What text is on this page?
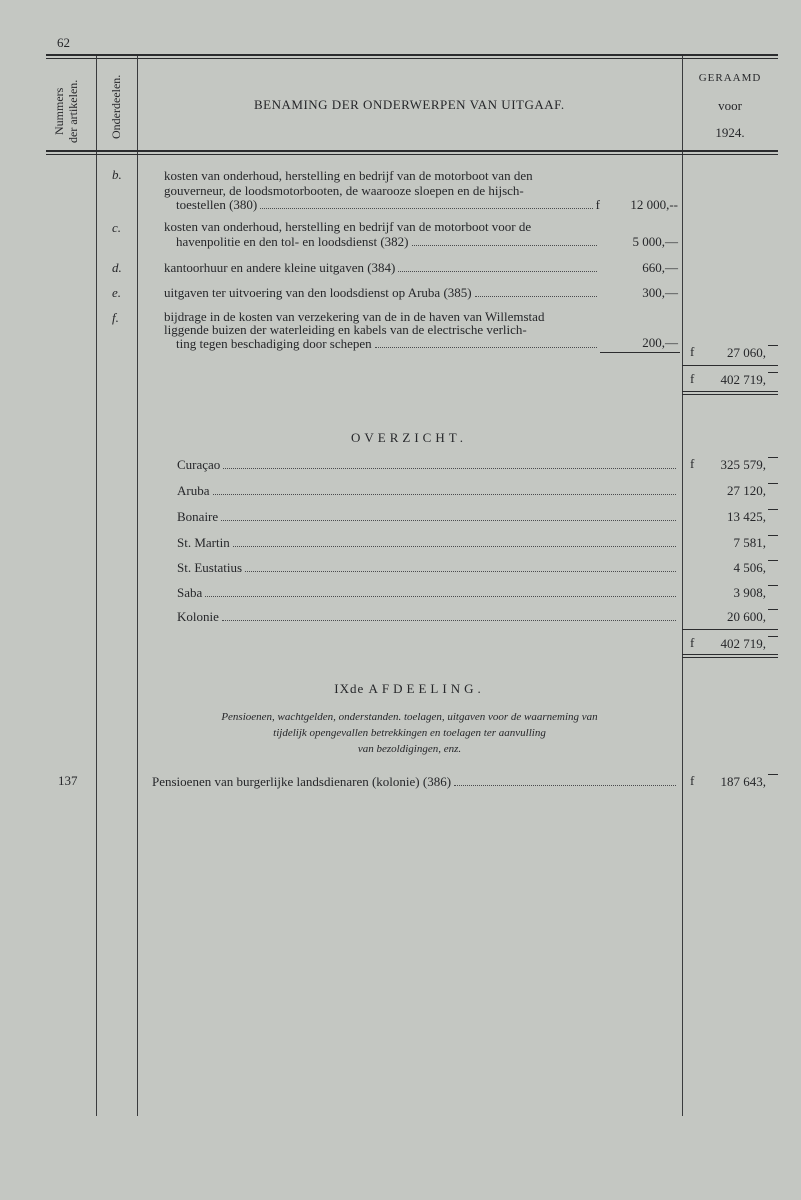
62
Nummers
der artikelen. Onderdeelen.	BENAMING DER ONDERWERPEN VAN UITGAAF.
GERAAMD
voor
1924.
b.	kosten van onderhoud, herstelling en bedrijf van de motorboot van den
gouverneur, de loodsmotorbooten, de waarooze sloepen en de hijsch-
toestellen (380)	f	12 000,--
c.	kosten van onderhoud, herstelling en bedrijf van de motorboot voor de
havenpolitie en den tol- en loodsdienst (382)	5 000,—
d.	kantoorhuur en andere kleine uitgaven (384)	660,—
e.	uitgaven ter uitvoering van den loodsdienst op Aruba (385)	300,—
f.	bijdrage in de kosten van verzekering van de in de haven van Willemstad
liggende buizen der waterleiding en kabels van de electrische verlich-
ting tegen beschadiging door schepen	200,—
f	27 060,
f	402 719,
OVERZICHT.
Curaçao	f	325 579,
Aruba	27 120,
Bonaire	13 425,
St. Martin	7 581,
St. Eustatius	4 506,
Saba	3 908,
Kolonie	20 600,
f	402 719,
IXde AFDEELING.
Pensioenen, wachtgelden, onderstanden. toelagen, uitgaven voor de waarneming van
tijdelijk opengevallen betrekkingen en toelagen ter aanvulling
van bezoldigingen, enz.
137	Pensioenen van burgerlijke landsdienaren (kolonie) (386)	f	187 643,
